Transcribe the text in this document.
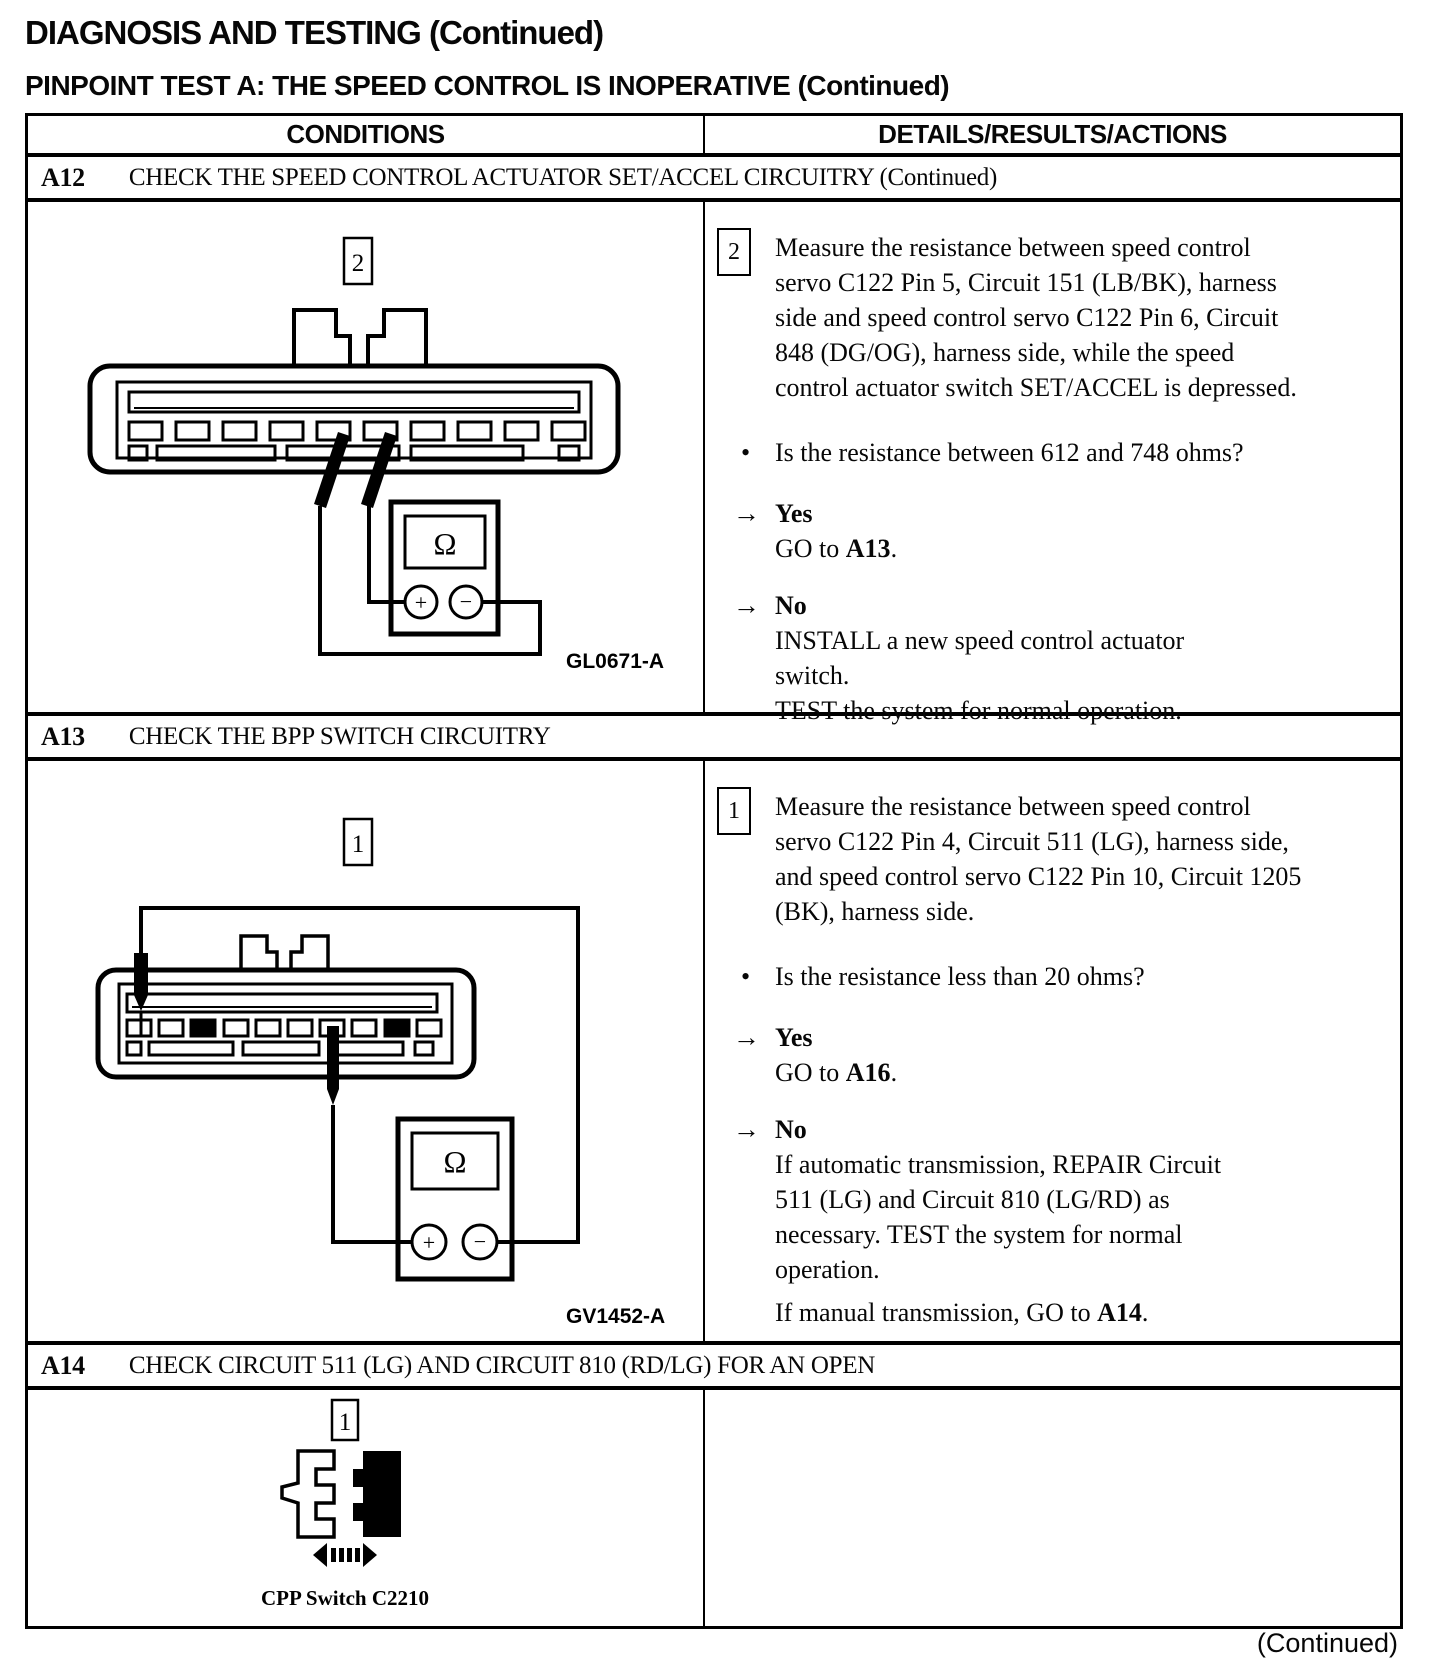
DIAGNOSIS AND TESTING (Continued)
PINPOINT TEST A: THE SPEED CONTROL IS INOPERATIVE (Continued)
CONDITIONS	DETAILS/RESULTS/ACTIONS
A12 CHECK THE SPEED CONTROL ACTUATOR SET/ACCEL CIRCUITRY (Continued)
2
Ω
+ −
GL0671-A
2	Measure the resistance between speed control
servo C122 Pin 5, Circuit 151 (LB/BK), harness
side and speed control servo C122 Pin 6, Circuit
848 (DG/OG), harness side, while the speed
control actuator switch SET/ACCEL is depressed.
• Is the resistance between 612 and 748 ohms?
→ Yes
GO to A13.
→ No
INSTALL a new speed control actuator
switch.
TEST the system for normal operation.
A13 CHECK THE BPP SWITCH CIRCUITRY
1
Ω
+ −
GV1452-A
1	Measure the resistance between speed control
servo C122 Pin 4, Circuit 511 (LG), harness side,
and speed control servo C122 Pin 10, Circuit 1205
(BK), harness side.
• Is the resistance less than 20 ohms?
→ Yes
GO to A16.
→ No
If automatic transmission, REPAIR Circuit
511 (LG) and Circuit 810 (LG/RD) as
necessary. TEST the system for normal
operation.
If manual transmission, GO to A14.
A14 CHECK CIRCUIT 511 (LG) AND CIRCUIT 810 (RD/LG) FOR AN OPEN
1
CPP Switch C2210
(Continued)
